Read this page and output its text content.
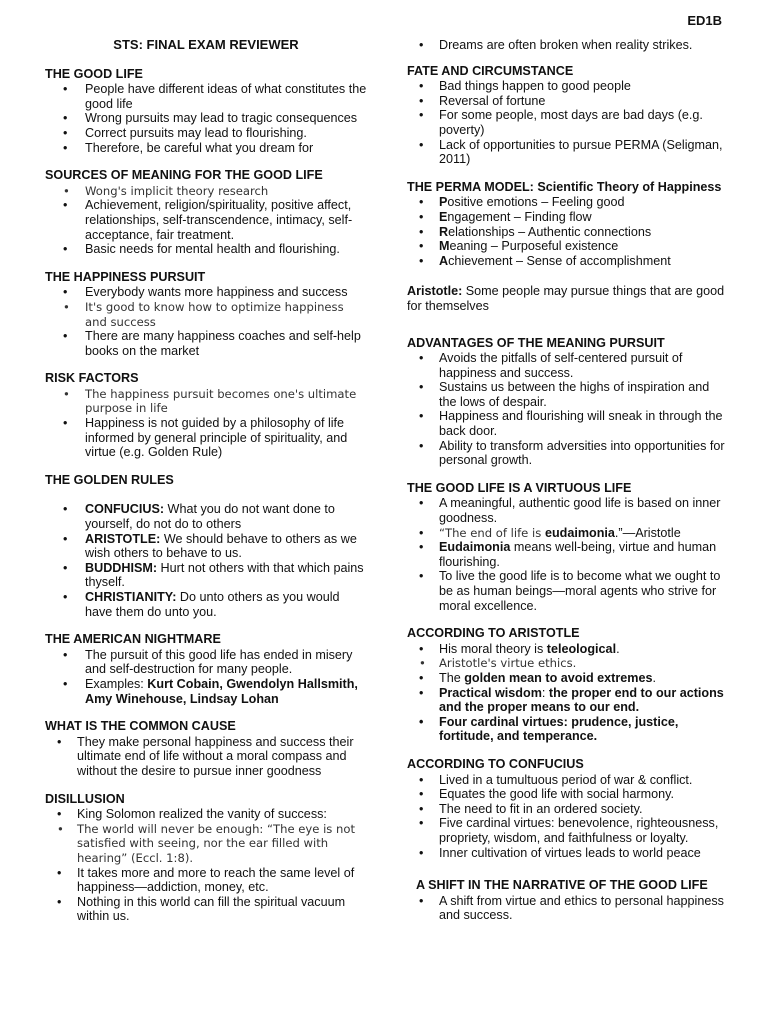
ED1B
STS: FINAL EXAM REVIEWER
THE GOOD LIFE
• People have different ideas of what constitutes the good life
• Wrong pursuits may lead to tragic consequences
• Correct pursuits may lead to flourishing.
• Therefore, be careful what you dream for
SOURCES OF MEANING FOR THE GOOD LIFE
• Wong's implicit theory research
• Achievement, religion/spirituality, positive affect, relationships, self-transcendence, intimacy, self-acceptance, fair treatment.
• Basic needs for mental health and flourishing.
THE HAPPINESS PURSUIT
• Everybody wants more happiness and success
• It's good to know how to optimize happiness and success
• There are many happiness coaches and self-help books on the market
RISK FACTORS
• The happiness pursuit becomes one's ultimate purpose in life
• Happiness is not guided by a philosophy of life informed by general principle of spirituality, and virtue (e.g. Golden Rule)
THE GOLDEN RULES
• CONFUCIUS: What you do not want done to yourself, do not do to others
• ARISTOTLE: We should behave to others as we wish others to behave to us.
• BUDDHISM: Hurt not others with that which pains thyself.
• CHRISTIANITY: Do unto others as you would have them do unto you.
THE AMERICAN NIGHTMARE
• The pursuit of this good life has ended in misery and self-destruction for many people.
• Examples: Kurt Cobain, Gwendolyn Hallsmith, Amy Winehouse, Lindsay Lohan
WHAT IS THE COMMON CAUSE
• They make personal happiness and success their ultimate end of life without a moral compass and without the desire to pursue inner goodness
DISILLUSION
• King Solomon realized the vanity of success:
• The world will never be enough: “The eye is not satisfied with seeing, nor the ear filled with hearing” (Eccl. 1:8).
• It takes more and more to reach the same level of happiness—addiction, money, etc.
• Nothing in this world can fill the spiritual vacuum within us.
• Dreams are often broken when reality strikes.
FATE AND CIRCUMSTANCE
• Bad things happen to good people
• Reversal of fortune
• For some people, most days are bad days (e.g. poverty)
• Lack of opportunities to pursue PERMA (Seligman, 2011)
THE PERMA MODEL: Scientific Theory of Happiness
• Positive emotions – Feeling good
• Engagement – Finding flow
• Relationships – Authentic connections
• Meaning – Purposeful existence
• Achievement – Sense of accomplishment

Aristotle: Some people may pursue things that are good for themselves

ADVANTAGES OF THE MEANING PURSUIT
• Avoids the pitfalls of self-centered pursuit of happiness and success.
• Sustains us between the highs of inspiration and the lows of despair.
• Happiness and flourishing will sneak in through the back door.
• Ability to transform adversities into opportunities for personal growth.
THE GOOD LIFE IS A VIRTUOUS LIFE
• A meaningful, authentic good life is based on inner goodness.
• “The end of life is eudaimonia.”—Aristotle
• Eudaimonia means well-being, virtue and human flourishing.
• To live the good life is to become what we ought to be as human beings—moral agents who strive for moral excellence.
ACCORDING TO ARISTOTLE
• His moral theory is teleological.
• Aristotle's virtue ethics.
• The golden mean to avoid extremes.
• Practical wisdom: the proper end to our actions and the proper means to our end.
• Four cardinal virtues: prudence, justice, fortitude, and temperance.
ACCORDING TO CONFUCIUS
• Lived in a tumultuous period of war & conflict.
• Equates the good life with social harmony.
• The need to fit in an ordered society.
• Five cardinal virtues: benevolence, righteousness, propriety, wisdom, and faithfulness or loyalty.
• Inner cultivation of virtues leads to world peace
A SHIFT IN THE NARRATIVE OF THE GOOD LIFE
• A shift from virtue and ethics to personal happiness and success.
